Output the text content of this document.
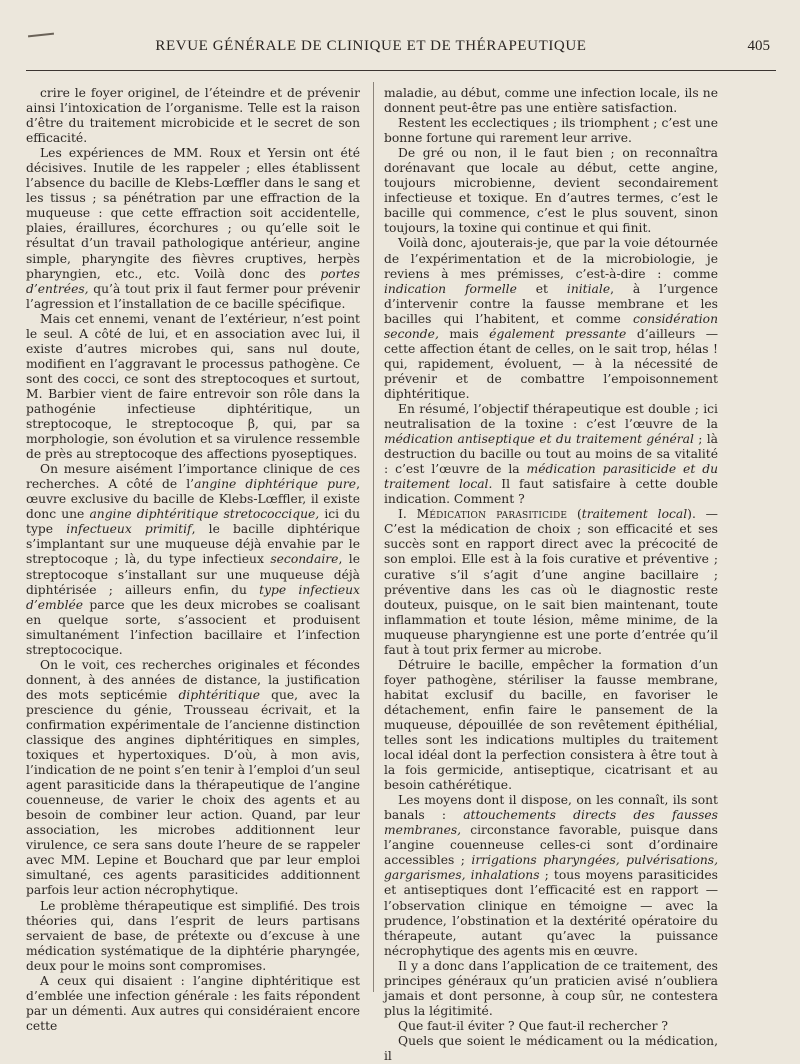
REVUE GÉNÉRALE DE CLINIQUE ET DE THÉRAPEUTIQUE	405

crire le foyer originel, de l’éteindre et de prévenir ainsi l’intoxication de l’organisme. Telle est la raison d’être du traitement microbicide et le secret de son efficacité.

Les expériences de MM. Roux et Yersin ont été décisives. Inutile de les rappeler ; elles établissent l’absence du bacille de Klebs-Lœffler dans le sang et les tissus ; sa pénétration par une effraction de la muqueuse : que cette effraction soit accidentelle, plaies, éraillures, écorchures ; ou qu’elle soit le résultat d’un travail pathologique antérieur, angine simple, pharyngite des fièvres cruptives, herpès pharyngien, etc., etc. Voilà donc des portes d’entrées, qu’à tout prix il faut fermer pour prévenir l’agression et l’installation de ce bacille spécifique.

Mais cet ennemi, venant de l’extérieur, n’est point le seul. A côté de lui, et en association avec lui, il existe d’autres microbes qui, sans nul doute, modifient en l’aggravant le processus pathogène. Ce sont des cocci, ce sont des streptocoques et surtout, M. Barbier vient de faire entrevoir son rôle dans la pathogénie infectieuse diphtéritique, un streptocoque, le streptocoque β, qui, par sa morphologie, son évolution et sa virulence ressemble de près au streptocoque des affections pyoseptiques.

On mesure aisément l’importance clinique de ces recherches. A côté de l’angine diphtérique pure, œuvre exclusive du bacille de Klebs-Lœffler, il existe donc une angine diphtéritique stretococcique, ici du type infectueux primitif, le bacille diphtérique s’implantant sur une muqueuse déjà envahie par le streptocoque ; là, du type infectieux secondaire, le streptocoque s’installant sur une muqueuse déjà diphtérisée ; ailleurs enfin, du type infectieux d’emblée parce que les deux microbes se coalisant en quelque sorte, s’associent et produisent simultanément l’infection bacillaire et l’infection streptococique.

On le voit, ces recherches originales et fécondes donnent, à des années de distance, la justification des mots septicémie diphtéritique que, avec la prescience du génie, Trousseau écrivait, et la confirmation expérimentale de l’ancienne distinction classique des angines diphtéritiques en simples, toxiques et hypertoxiques. D’où, à mon avis, l’indication de ne point s’en tenir à l’emploi d’un seul agent parasiticide dans la thérapeutique de l’angine couenneuse, de varier le choix des agents et au besoin de combiner leur action. Quand, par leur association, les microbes additionnent leur virulence, ce sera sans doute l’heure de se rappeler avec MM. Lepine et Bouchard que par leur emploi simultané, ces agents parasiticides additionnent parfois leur action nécrophytique.

Le problème thérapeutique est simplifié. Des trois théories qui, dans l’esprit de leurs partisans servaient de base, de prétexte ou d’excuse à une médication systématique de la diphtérie pharyngée, deux pour le moins sont compromises.

A ceux qui disaient : l’angine diphtéritique est d’emblée une infection générale : les faits répondent par un démenti. Aux autres qui considéraient encore cette

maladie, au début, comme une infection locale, ils ne donnent peut-être pas une entière satisfaction.

Restent les ecclectiques ; ils triomphent ; c’est une bonne fortune qui rarement leur arrive.

De gré ou non, il le faut bien ; on reconnaîtra dorénavant que locale au début, cette angine, toujours microbienne, devient secondairement infectieuse et toxique. En d’autres termes, c’est le bacille qui commence, c’est le plus souvent, sinon toujours, la toxine qui continue et qui finit.

Voilà donc, ajouterais-je, que par la voie détournée de l’expérimentation et de la microbiologie, je reviens à mes prémisses, c’est-à-dire : comme indication formelle et initiale, à l’urgence d’intervenir contre la fausse membrane et les bacilles qui l’habitent, et comme considération seconde, mais également pressante d’ailleurs — cette affection étant de celles, on le sait trop, hélas ! qui, rapidement, évoluent, — à la nécessité de prévenir et de combattre l’empoisonnement diphtéritique.

En résumé, l’objectif thérapeutique est double ; ici neutralisation de la toxine : c’est l’œuvre de la médication antiseptique et du traitement général ; là destruction du bacille ou tout au moins de sa vitalité : c’est l’œuvre de la médication parasiticide et du traitement local. Il faut satisfaire à cette double indication. Comment ?

I. Médication parasiticide (traitement local). — C’est la médication de choix ; son efficacité et ses succès sont en rapport direct avec la précocité de son emploi. Elle est à la fois curative et préventive ; curative s’il s’agit d’une angine bacillaire ; préventive dans les cas où le diagnostic reste douteux, puisque, on le sait bien maintenant, toute inflammation et toute lésion, même minime, de la muqueuse pharyngienne est une porte d’entrée qu’il faut à tout prix fermer au microbe.

Détruire le bacille, empêcher la formation d’un foyer pathogène, stériliser la fausse membrane, habitat exclusif du bacille, en favoriser le détachement, enfin faire le pansement de la muqueuse, dépouillée de son revêtement épithélial, telles sont les indications multiples du traitement local idéal dont la perfection consistera à être tout à la fois germicide, antiseptique, cicatrisant et au besoin cathérétique.

Les moyens dont il dispose, on les connaît, ils sont banals : attouchements directs des fausses membranes, circonstance favorable, puisque dans l’angine couenneuse celles-ci sont d’ordinaire accessibles ; irrigations pharyngées, pulvérisations, gargarismes, inhalations ; tous moyens parasiticides et antiseptiques dont l’efficacité est en rapport — l’observation clinique en témoigne — avec la prudence, l’obstination et la dextérité opératoire du thérapeute, autant qu’avec la puissance nécrophytique des agents mis en œuvre.

Il y a donc dans l’application de ce traitement, des principes généraux qu’un praticien avisé n’oubliera jamais et dont personne, à coup sûr, ne contestera plus la légitimité.

Que faut-il éviter ? Que faut-il rechercher ?

Quels que soient le médicament ou la médication, il
